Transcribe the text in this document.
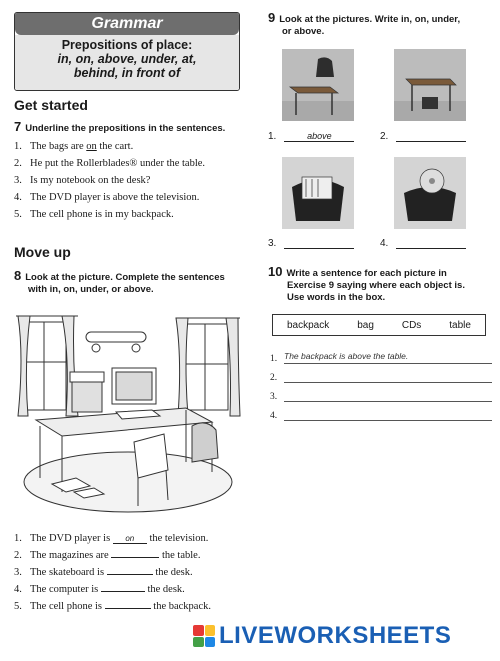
Grammar
Prepositions of place:
in, on, above, under, at,
behind, in front of
Get started
7 Underline the prepositions in the sentences.
1. The bags are on the cart.
2. He put the Rollerblades® under the table.
3. Is my notebook on the desk?
4. The DVD player is above the television.
5. The cell phone is in my backpack.
Move up
8 Look at the picture. Complete the sentences
with in, on, under, or above.
1. The DVD player is on the television.
2. The magazines are	the table.
3. The skateboard is	the desk.
4. The computer is	the desk.
5. The cell phone is	the backpack.
9 Look at the pictures. Write in, on, under,
or above.
1.	above	2.
3.	4.
10 Write a sentence for each picture in
Exercise 9 saying where each object is.
Use words in the box.
backpack	bag	CDs	table
1. The backpack is above the table.
2.
3.
4.
LIVEWORKSHEETS
